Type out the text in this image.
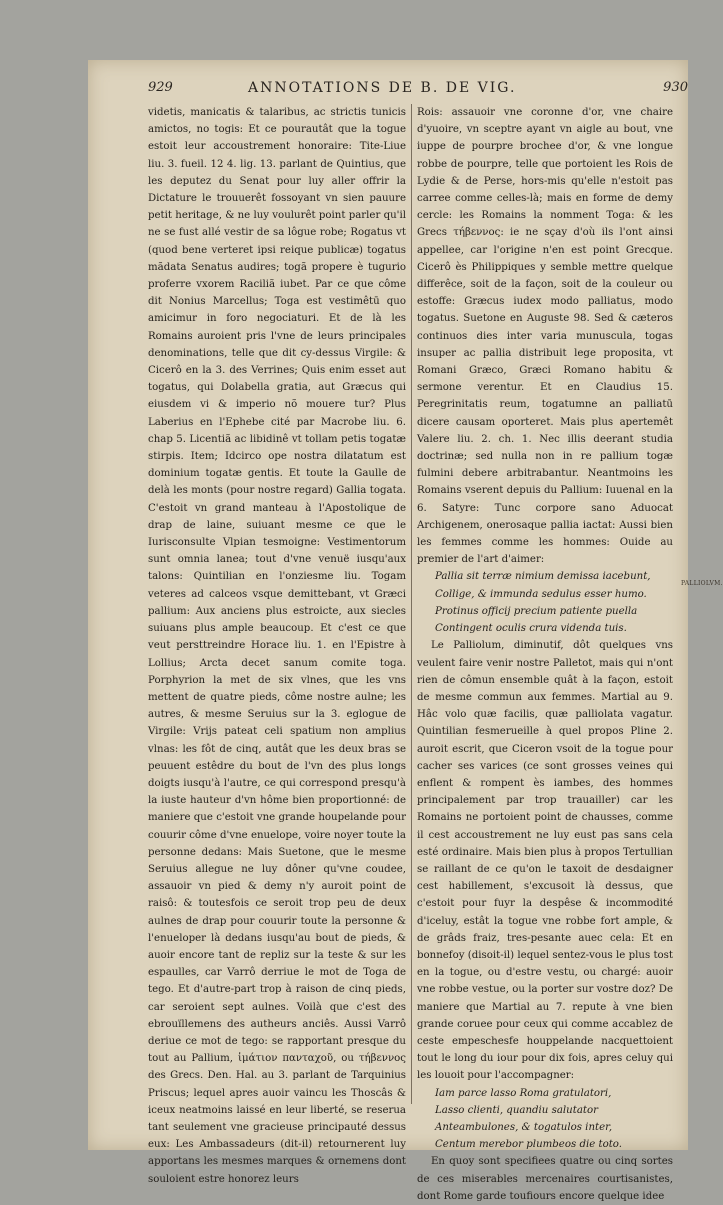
929	ANNOTATIONS DE B. DE VIG.	930

videtis, manicatis & talaribus, ac strictis tunicis amictos, no togis: Et ce pourautât que la togue estoit leur accoustrement honoraire: Tite-Liue liu. 3. fueil. 12 4. lig. 13. parlant de Quintius, que les deputez du Senat pour luy aller offrir la Dictature le trouuerêt fossoyant vn sien pauure petit heritage, & ne luy voulurêt point parler qu'il ne se fust allé vestir de sa lôgue robe; Rogatus vt (quod bene verteret ipsi reique publicæ) togatus mãdata Senatus audires; togã propere è tugurio proferre vxorem Raciliã iubet. Par ce que côme dit Nonius Marcellus; Toga est vestimêtū quo amicimur in foro negociaturi. Et de là les Romains auroient pris l'vne de leurs principales denominations, telle que dit cy-dessus Virgile: & Cicerô en la 3. des Verrines; Quis enim esset aut togatus, qui Dolabella gratia, aut Græcus qui eiusdem vi & imperio nõ mouere tur? Plus Laberius en l'Ephebe cité par Macrobe liu. 6. chap 5. Licentiã ac libidinê vt tollam petis togatæ stirpis. Item; Idcirco ope nostra dilatatum est dominium togatæ gentis. Et toute la Gaulle de delà les monts (pour nostre regard) Gallia togata. C'estoit vn grand manteau à l'Apostolique de drap de laine, suiuant mesme ce que le Iurisconsulte Vlpian tesmoigne: Vestimentorum sunt omnia lanea; tout d'vne venuë iusqu'aux talons: Quintilian en l'onziesme liu. Togam veteres ad calceos vsque demittebant, vt Græci pallium: Aux anciens plus estroicte, aux siecles suiuans plus ample beaucoup. Et c'est ce que veut persttreindre Horace liu. 1. en l'Epistre à Lollius; Arcta decet sanum comite toga. Porphyrion la met de six vlnes, que les vns mettent de quatre pieds, côme nostre aulne; les autres, & mesme Seruius sur la 3. eglogue de Virgile: Vrijs pateat celi spatium non amplius vlnas: les fôt de cinq, autât que les deux bras se peuuent estêdre du bout de l'vn des plus longs doigts iusqu'à l'autre, ce qui correspond presqu'à la iuste hauteur d'vn hôme bien proportionné: de maniere que c'estoit vne grande houpelande pour couurir côme d'vne enuelope, voire noyer toute la personne dedans: Mais Suetone, que le mesme Seruius allegue ne luy dôner qu'vne coudee, assauoir vn pied & demy n'y auroit point de raisô: & toutesfois ce seroit trop peu de deux aulnes de drap pour couurir toute la personne & l'enueloper là dedans iusqu'au bout de pieds, & auoir encore tant de repliz sur la teste & sur les espaulles, car Varrô derriue le mot de Toga de tego. Et d'autre-part trop à raison de cinq pieds, car seroient sept aulnes. Voilà que c'est des ebrouïllemens des autheurs anciês. Aussi Varrô deriue ce mot de tego: se rapportant presque du tout au Pallium, ἱμάτιον πανταχοῦ, ou τήβεννος des Grecs. Den. Hal. au 3. parlant de Tarquinius Priscus; lequel apres auoir vaincu les Thoscâs & iceux neatmoins laissé en leur liberté, se reserua tant seulement vne gracieuse principauté dessus eux: Les Ambassadeurs (dit-il) retournerent luy apportans les mesmes marques & ornemens dont souloient estre honorez leurs

Rois: assauoir vne coronne d'or, vne chaire d'yuoire, vn sceptre ayant vn aigle au bout, vne iuppe de pourpre brochee d'or, & vne longue robbe de pourpre, telle que portoient les Rois de Lydie & de Perse, hors-mis qu'elle n'estoit pas carree comme celles-là; mais en forme de demy cercle: les Romains la nomment Toga: & les Grecs τήβεννος: ie ne sçay d'où ils l'ont ainsi appellee, car l'origine n'en est point Grecque. Cicerô ès Philippiques y semble mettre quelque differêce, soit de la façon, soit de la couleur ou estoffe: Græcus iudex modo palliatus, modo togatus. Suetone en Auguste 98. Sed & cæteros continuos dies inter varia munuscula, togas insuper ac pallia distribuit lege proposita, vt Romani Græco, Græci Romano habitu & sermone verentur. Et en Claudius 15. Peregrinitatis reum, togatumne an palliatū dicere causam oporteret. Mais plus apertemêt Valere liu. 2. ch. 1. Nec illis deerant studia doctrinæ; sed nulla non in re pallium togæ fulmini debere arbitrabantur. Neantmoins les Romains vserent depuis du Pallium: Iuuenal en la 6. Satyre: Tunc corpore sano Aduocat Archigenem, onerosaque pallia iactat: Aussi bien les femmes comme les hommes: Ouide au premier de l'art d'aimer:

Pallia sit terræ nimium demissa iacebunt,
Collige, & immunda sedulus esser humo.
Protinus officij precium patiente puella
Contingent oculis crura videnda tuis.

Le Palliolum, diminutif, dôt quelques vns veulent faire venir nostre Palletot, mais qui n'ont rien de cômun ensemble quât à la façon, estoit de mesme commun aux femmes. Martial au 9. Hâc volo quæ facilis, quæ palliolata vagatur. Quintilian fesmerueille à quel propos Pline 2. auroit escrit, que Ciceron vsoit de la togue pour cacher ses varices (ce sont grosses veines qui enflent & rompent ès iambes, des hommes principalement par trop trauailler) car les Romains ne portoient point de chausses, comme il cest accoustrement ne luy eust pas sans cela esté ordinaire. Mais bien plus à propos Tertullian se raillant de ce qu'on le taxoit de desdaigner cest habillement, s'excusoit là dessus, que c'estoit pour fuyr la despêse & incommodité d'iceluy, estât la togue vne robbe fort ample, & de grâds fraiz, tres-pesante auec cela: Et en bonnefoy (disoit-il) lequel sentez-vous le plus tost en la togue, ou d'estre vestu, ou chargé: auoir vne robbe vestue, ou la porter sur vostre doz? De maniere que Martial au 7. repute à vne bien grande coruee pour ceux qui comme accablez de ceste empeschesfe houppelande nacquettoient tout le long du iour pour dix fois, apres celuy qui les louoit pour l'accompagner:

Iam parce lasso Roma gratulatori,
Lasso clienti, quandiu salutator
Anteambulones, & togatulos inter,
Centum merebor plumbeos die toto.

En quoy sont specifiees quatre ou cinq sortes de ces miserables mercenaires courtisanistes, dont Rome garde toufiours encore quelque idee

PALLIOLVM.
